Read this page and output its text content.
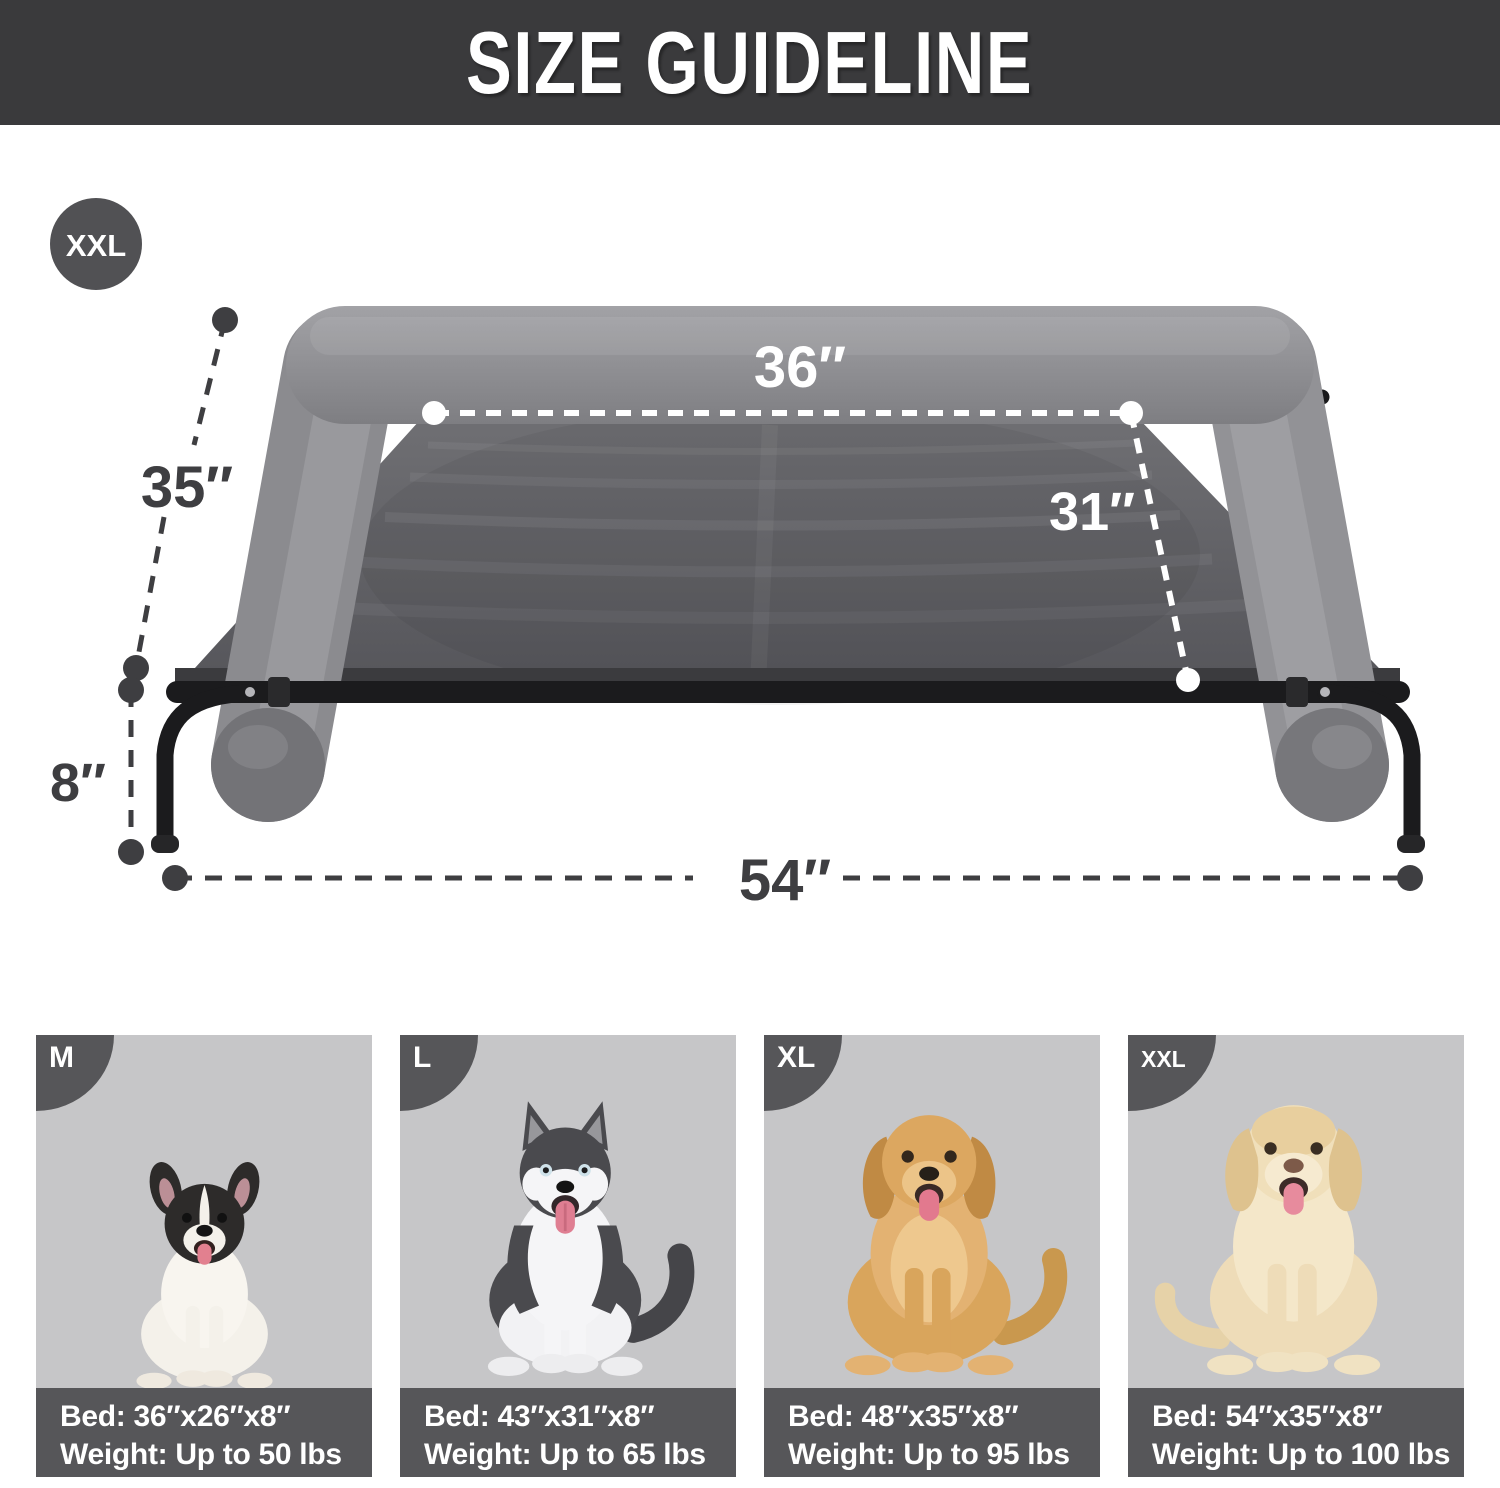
SIZE GUIDELINE
36″
31″
35″
8″
54″
XXL
M
Bed: 36″x26″x8″
Weight: Up to 50 lbs
L
Bed: 43″x31″x8″
Weight: Up to 65 lbs
XL
Bed: 48″x35″x8″
Weight: Up to 95 lbs
XXL
Bed: 54″x35″x8″
Weight: Up to 100 lbs
